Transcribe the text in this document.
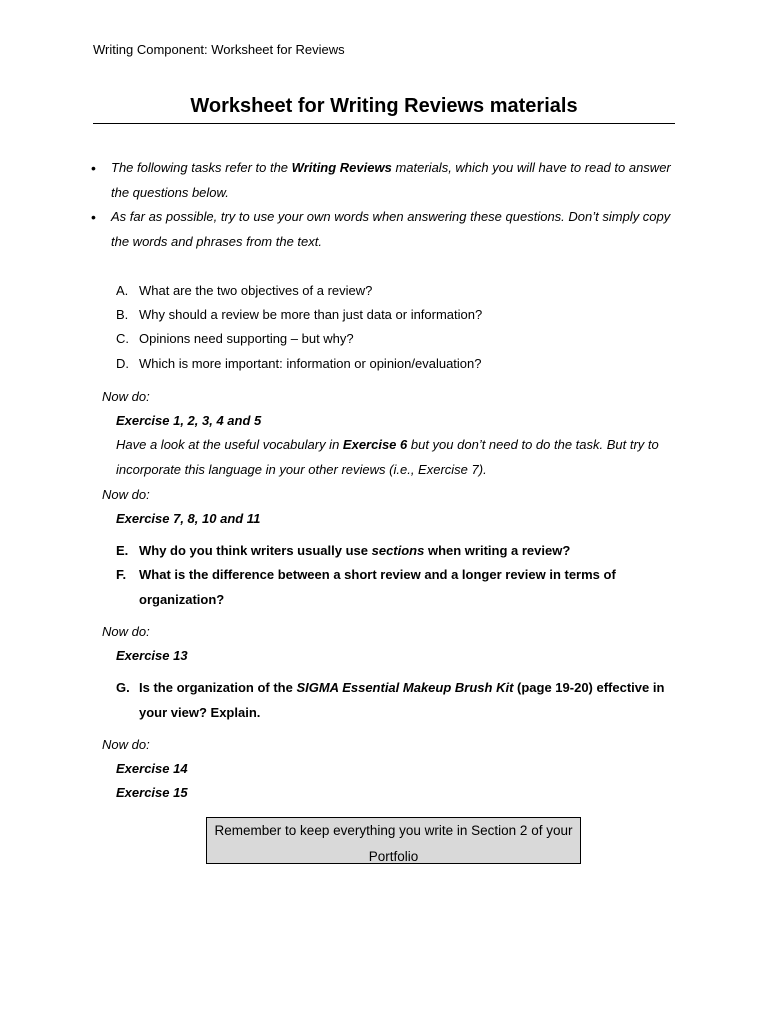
Writing Component: Worksheet for Reviews
Worksheet for Writing Reviews materials
• The following tasks refer to the Writing Reviews materials, which you will have to read to answer the questions below.
• As far as possible, try to use your own words when answering these questions. Don’t simply copy the words and phrases from the text.
A. What are the two objectives of a review?
B. Why should a review be more than just data or information?
C. Opinions need supporting – but why?
D. Which is more important: information or opinion/evaluation?
Now do:
Exercise 1, 2, 3, 4 and 5
Have a look at the useful vocabulary in Exercise 6 but you don’t need to do the task. But try to incorporate this language in your other reviews (i.e., Exercise 7).
Now do:
Exercise 7, 8, 10 and 11
E. Why do you think writers usually use sections when writing a review?
F. What is the difference between a short review and a longer review in terms of organization?
Now do:
Exercise 13
G. Is the organization of the SIGMA Essential Makeup Brush Kit (page 19-20) effective in your view? Explain.
Now do:
Exercise 14
Exercise 15
Remember to keep everything you write in Section 2 of your Portfolio
